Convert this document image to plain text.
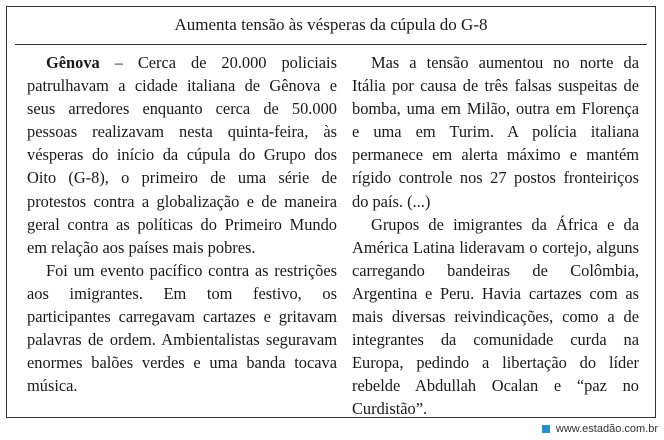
Aumenta tensão às vésperas da cúpula do G-8

Gênova – Cerca de 20.000 policiais patrulhavam a cidade italiana de Gênova e seus arredores enquanto cerca de 50.000 pessoas realizavam nesta quinta-feira, às vésperas do início da cúpula do Grupo dos Oito (G-8), o primeiro de uma série de protestos contra a globalização e de maneira geral contra as políticas do Primeiro Mundo em relação aos países mais pobres.

Foi um evento pacífico contra as restrições aos imigrantes. Em tom festivo, os participantes carregavam cartazes e gritavam palavras de ordem. Ambientalistas seguravam enormes balões verdes e uma banda tocava música.

Mas a tensão aumentou no norte da Itália por causa de três falsas suspeitas de bomba, uma em Milão, outra em Florença e uma em Turim. A polícia italiana permanece em alerta máximo e mantém rígido controle nos 27 postos fronteiriços do país. (...)

Grupos de imigrantes da África e da América Latina lideravam o cortejo, alguns carregando bandeiras de Colômbia, Argentina e Peru. Havia cartazes com as mais diversas reivindicações, como a de integrantes da comunidade curda na Europa, pedindo a libertação do líder rebelde Abdullah Ocalan e “paz no Curdistão”.

www.estadão.com.br
